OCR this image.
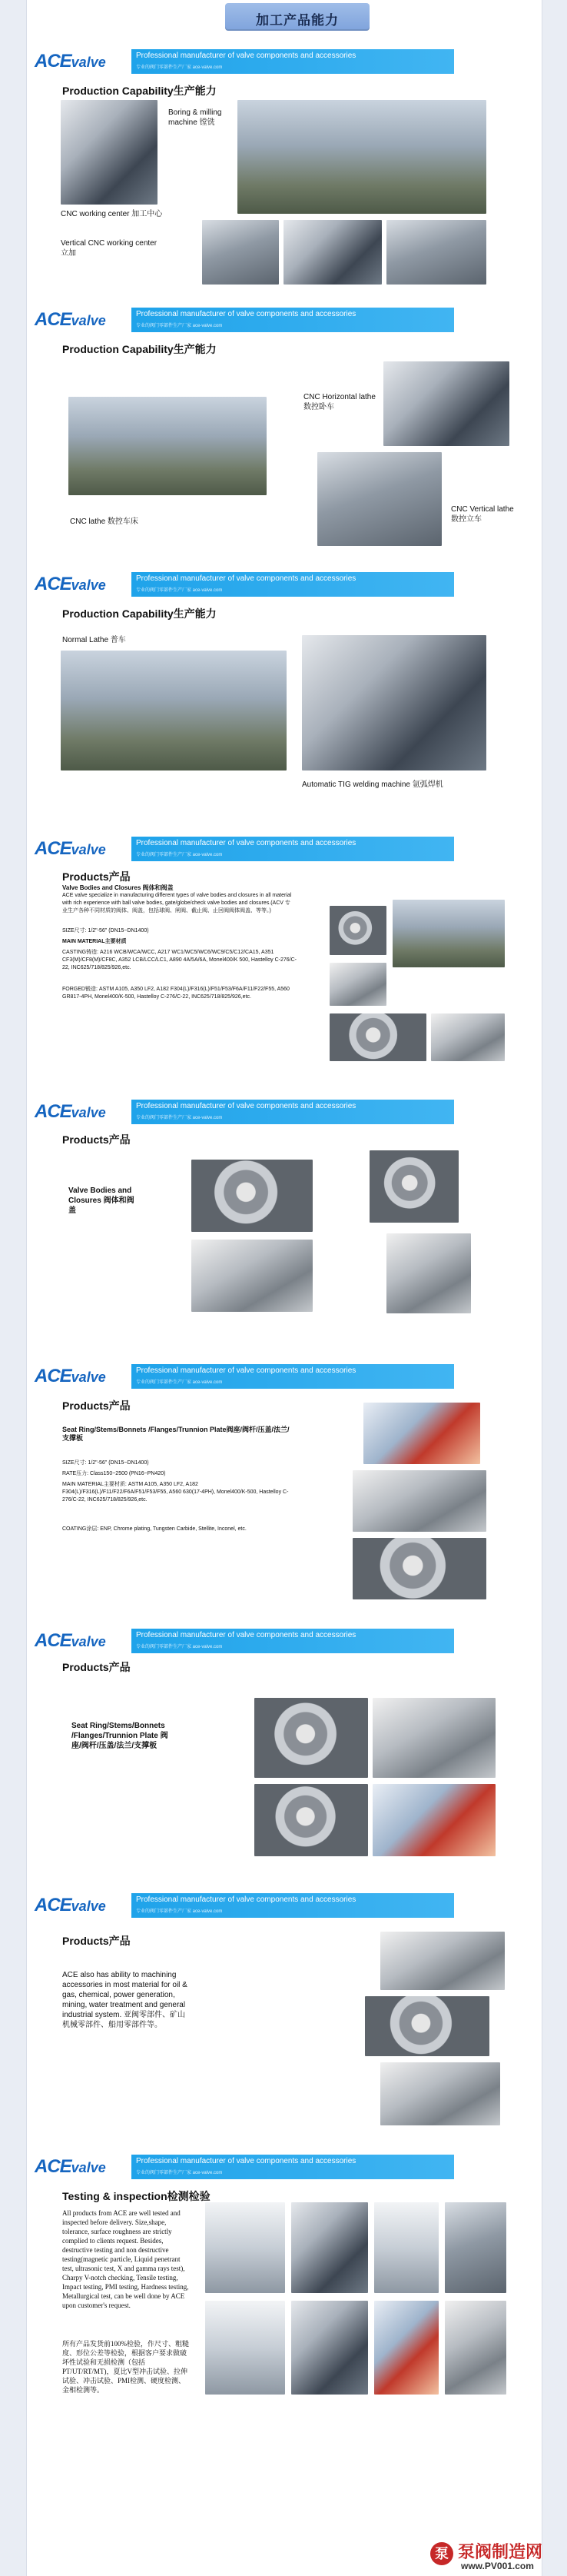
加工产品能力
ACEvalve	Professional manufacturer of valve components and accessories
专业的阀门零部件生产厂家 ace-valve.com
Production Capability生产能力
Boring & milling machine 镗铣
CNC working center 加工中心
Vertical CNC working center 立加
ACEvalve	Professional manufacturer of valve components and accessories
专业的阀门零部件生产厂家 ace-valve.com
Production Capability生产能力
CNC lathe 数控车床
CNC Horizontal lathe 数控卧车
CNC Vertical lathe 数控立车
ACEvalve	Professional manufacturer of valve components and accessories
专业的阀门零部件生产厂家 ace-valve.com
Production Capability生产能力
Normal Lathe 普车
Automatic TIG welding machine 氩弧焊机
ACEvalve	Professional manufacturer of valve components and accessories
专业的阀门零部件生产厂家 ace-valve.com
Products产品
Valve Bodies and Closures 阀体和阀盖
ACE valve specialize in manufacturing different types of valve bodies and closures in all material with rich experience with ball valve bodies, gate/globe/check valve bodies and closures.(ACV 专业生产各种不同材质的阀体、阀盖，包括球阀、闸阀、截止阀、止回阀阀体阀盖、等等。)
SIZE尺寸: 1/2"-56" (DN15~DN1400)
MAIN MATERIAL主要材质
CASTING铸造: A216 WCB/WCA/WCC, A217 WC1/WC5/WC6/WC9/C5/C12/CA15, A351 CF3(M)/CF8(M)/CF8C, A352 LCB/LCC/LC1, A890 4A/5A/6A, Monel400/K 500, Hastelloy C-276/C-22, INC625/718/825/926,etc.
FORGED锻造: ASTM A105, A350 LF2, A182 F304(L)/F316(L)/F51/F53/F6A/F11/F22/F55, A560 GR817-4PH, Monel400/K-500, Hastelloy C-276/C-22, INC625/718/825/926,etc.
ACEvalve	Professional manufacturer of valve components and accessories
专业的阀门零部件生产厂家 ace-valve.com
Products产品
Valve Bodies and Closures 阀体和阀盖
ACEvalve	Professional manufacturer of valve components and accessories
专业的阀门零部件生产厂家 ace-valve.com
Products产品
Seat Ring/Stems/Bonnets /Flanges/Trunnion Plate阀座/阀杆/压盖/法兰/支撑板
SIZE尺寸: 1/2"-56" (DN15~DN1400)
RATE压力: Class150~2500 (PN16~PN420)
MAIN MATERIAL主要材质: ASTM A105, A350 LF2, A182 F304(L)/F316(L)/F11/F22/F6A/F51/F53/F55, A560 630(17-4PH), Monel400/K-500, Hastelloy C-276/C-22, INC625/718/825/926,etc.
COATING涂层: ENP, Chrome plating, Tungsten Carbide, Stellite, Inconel, etc.
ACEvalve	Professional manufacturer of valve components and accessories
专业的阀门零部件生产厂家 ace-valve.com
Products产品
Seat Ring/Stems/Bonnets /Flanges/Trunnion Plate 阀座/阀杆/压盖/法兰/支撑板
ACEvalve	Professional manufacturer of valve components and accessories
专业的阀门零部件生产厂家 ace-valve.com
Products产品
ACE also has ability to machining accessories in most material for oil & gas, chemical, power generation, mining, water treatment and general industrial system. 亚阀零部件、矿山机械零部件、船用零部件等。
ACEvalve	Professional manufacturer of valve components and accessories
专业的阀门零部件生产厂家 ace-valve.com
Testing & inspection检测检验
All products from ACE are well tested and inspected before delivery. Size,shape, tolerance, surface roughness are strictly complied to clients request. Besides, destructive testing and non destructive testing(magnetic particle, Liquid penetrant test, ultrasonic test, X and gamma rays test), Charpy V-notch checking, Tensile testing, Impact testing, PMI testing, Hardness testing, Metallurgical test, can be well done by ACE upon customer's request.
所有产品发货前100%检验，作尺寸、粗糙度、形位公差等检验，根据客户要求做破坏性试验和无损检测（包括PT/UT/RT/MT)，夏比V型冲击试验、拉伸试验、冲击试验、PMI检测、硬度检测、金相检测等。
泵 泵阀制造网
www.PV001.com
